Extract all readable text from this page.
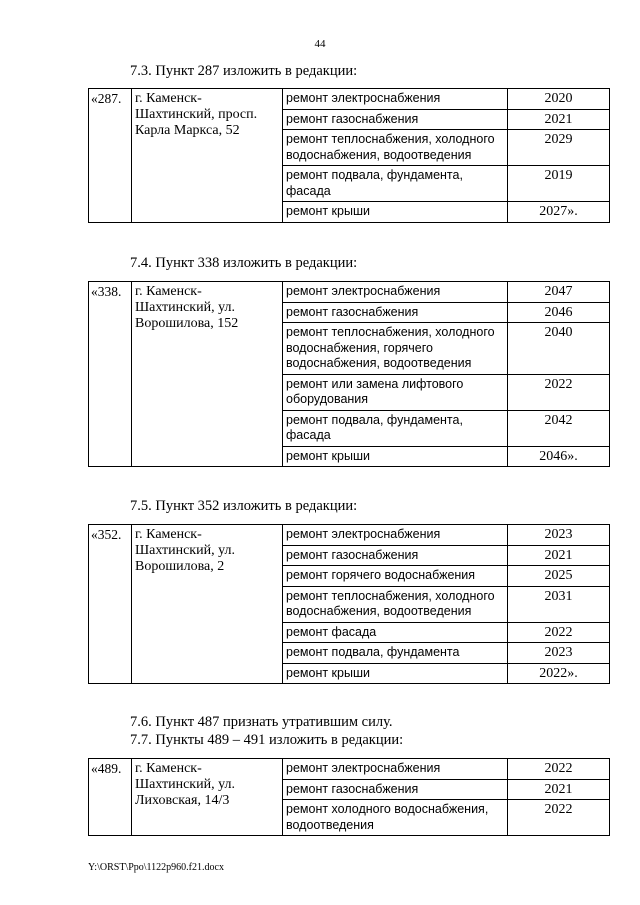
44
7.3. Пункт 287 изложить в редакции:
«287.	г. Каменск-Шахтинский, просп. Карла Маркса, 52	ремонт электроснабжения	2020
		ремонт газоснабжения	2021
		ремонт теплоснабжения, холодного водоснабжения, водоотведения	2029
		ремонт подвала, фундамента, фасада	2019
		ремонт крыши	2027».
7.4. Пункт 338 изложить в редакции:
«338.	г. Каменск-Шахтинский, ул. Ворошилова, 152	ремонт электроснабжения	2047
		ремонт газоснабжения	2046
		ремонт теплоснабжения, холодного водоснабжения, горячего водоснабжения, водоотведения	2040
		ремонт или замена лифтового оборудования	2022
		ремонт подвала, фундамента, фасада	2042
		ремонт крыши	2046».
7.5. Пункт 352 изложить в редакции:
«352.	г. Каменск-Шахтинский, ул. Ворошилова, 2	ремонт электроснабжения	2023
		ремонт газоснабжения	2021
		ремонт горячего водоснабжения	2025
		ремонт теплоснабжения, холодного водоснабжения, водоотведения	2031
		ремонт фасада	2022
		ремонт подвала, фундамента	2023
		ремонт крыши	2022».
7.6. Пункт 487 признать утратившим силу.
7.7. Пункты 489 – 491 изложить в редакции:
«489.	г. Каменск-Шахтинский, ул. Лиховская, 14/3	ремонт электроснабжения	2022
		ремонт газоснабжения	2021
		ремонт холодного водоснабжения, водоотведения	2022
Y:\ORST\Ppo\1122p960.f21.docx
